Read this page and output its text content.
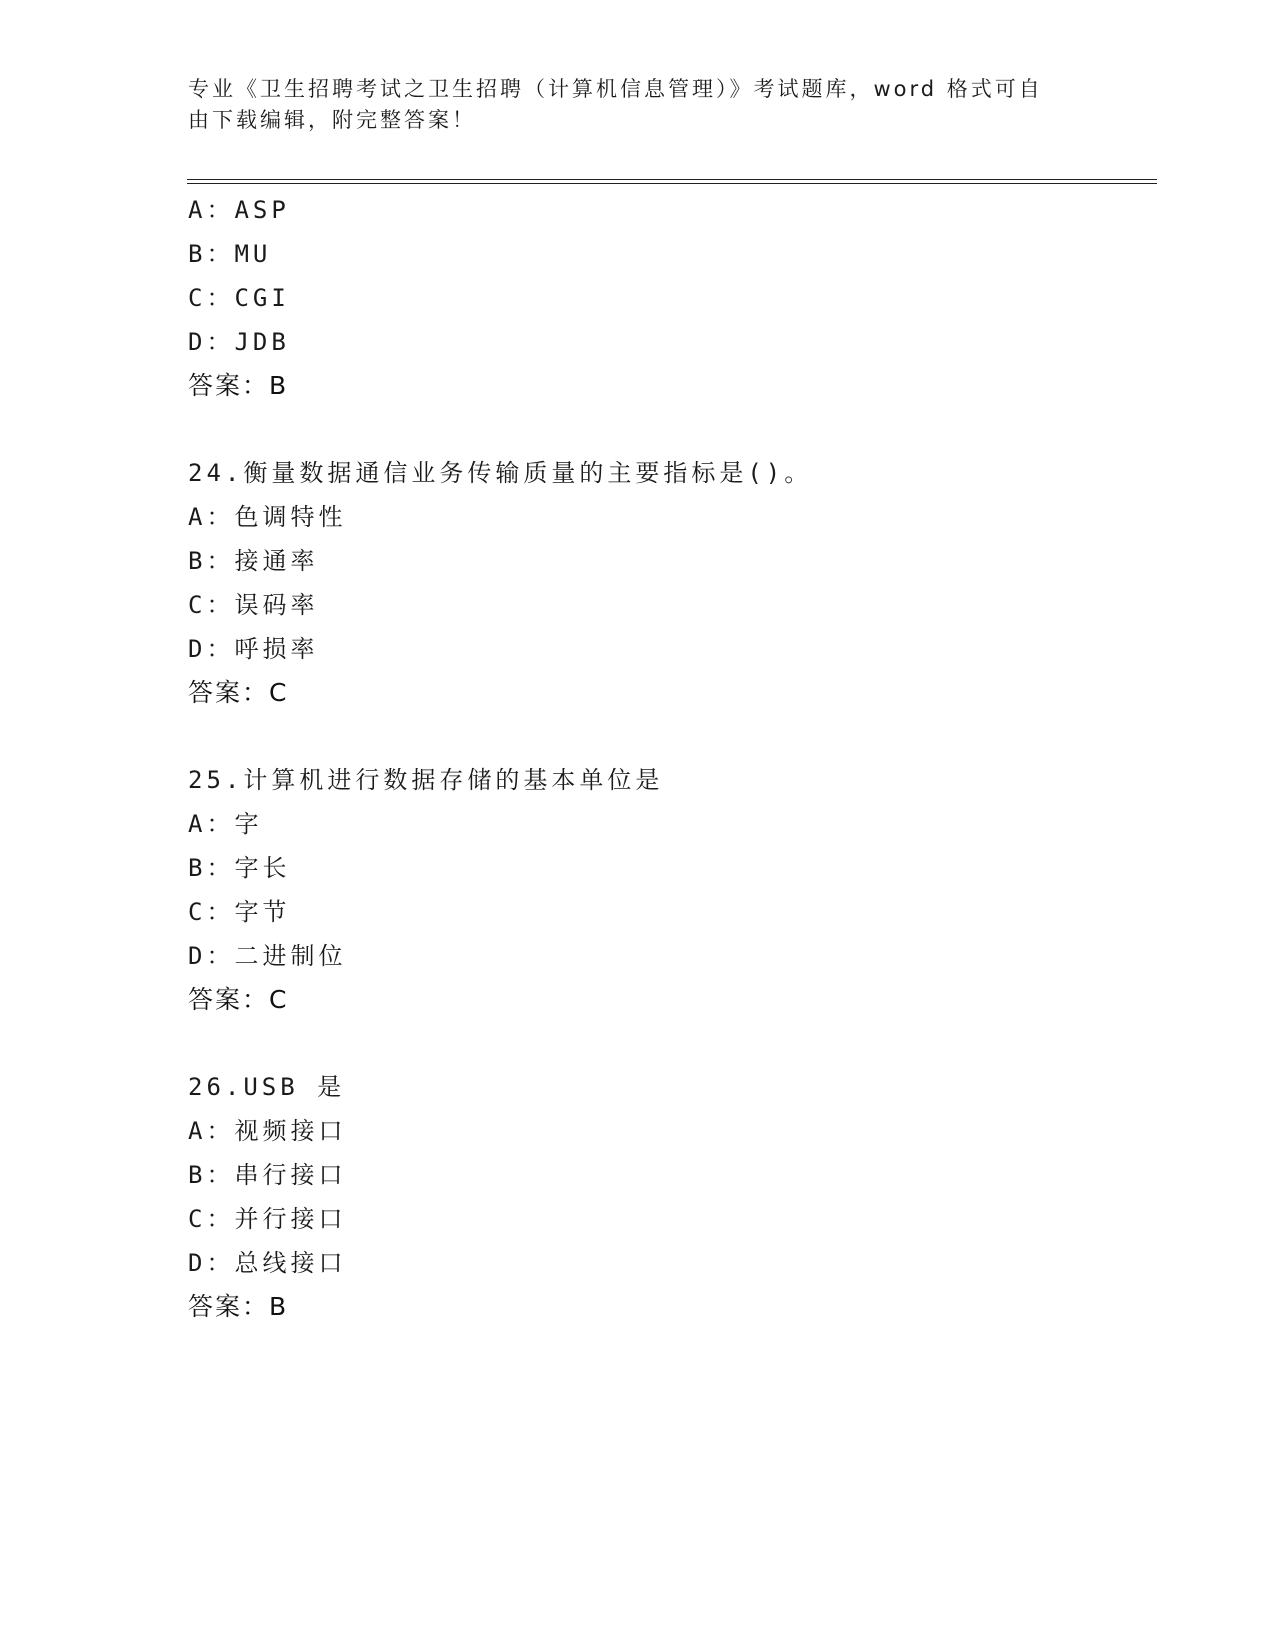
专业《卫生招聘考试之卫生招聘（计算机信息管理）》考试题库，word 格式可自
由下载编辑，附完整答案！
A：ASP
B：MU
C：CGI
D：JDB
答案：B
24.衡量数据通信业务传输质量的主要指标是()。
A：色调特性
B：接通率
C：误码率
D：呼损率
答案：C
25.计算机进行数据存储的基本单位是
A：字
B：字长
C：字节
D：二进制位
答案：C
26.USB 是
A：视频接口
B：串行接口
C：并行接口
D：总线接口
答案：B
